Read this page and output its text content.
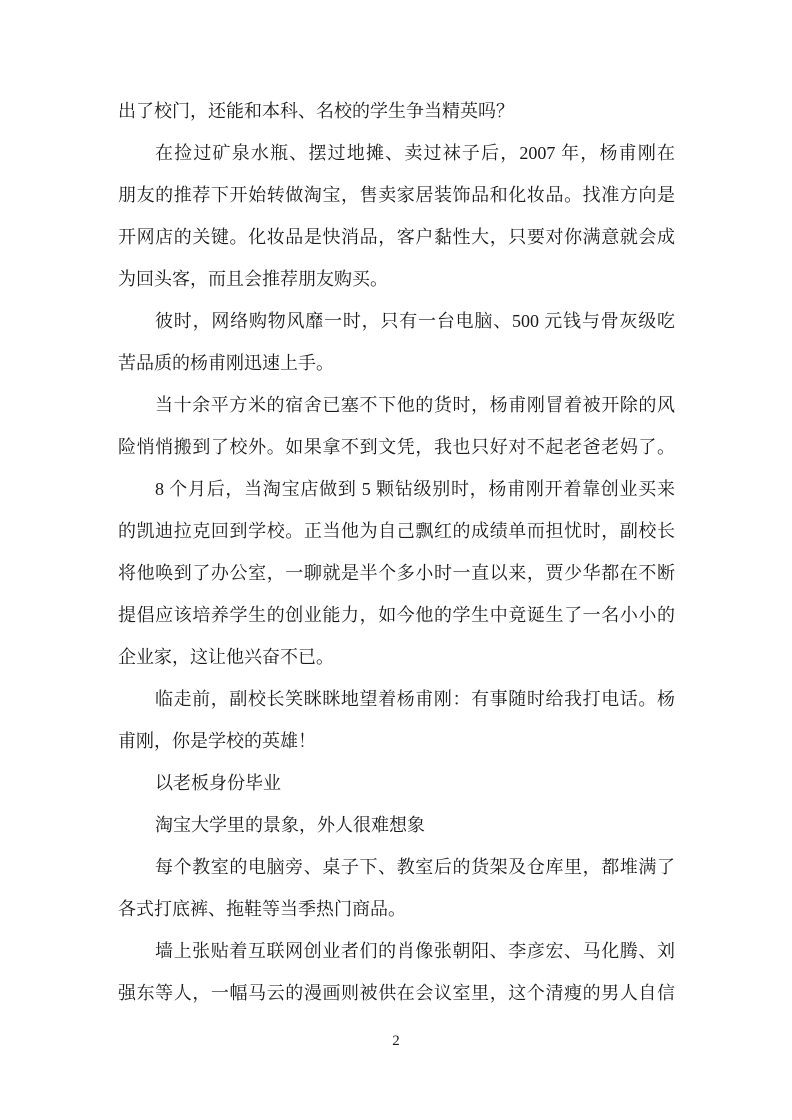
出了校门，还能和本科、名校的学生争当精英吗？
在捡过矿泉水瓶、摆过地摊、卖过袜子后，2007 年，杨甫刚在
朋友的推荐下开始转做淘宝，售卖家居装饰品和化妆品。找准方向是
开网店的关键。化妆品是快消品，客户黏性大，只要对你满意就会成
为回头客，而且会推荐朋友购买。
彼时，网络购物风靡一时，只有一台电脑、500 元钱与骨灰级吃
苦品质的杨甫刚迅速上手。
当十余平方米的宿舍已塞不下他的货时，杨甫刚冒着被开除的风
险悄悄搬到了校外。如果拿不到文凭，我也只好对不起老爸老妈了。
8 个月后，当淘宝店做到 5 颗钻级别时，杨甫刚开着靠创业买来
的凯迪拉克回到学校。正当他为自己飘红的成绩单而担忧时，副校长
将他唤到了办公室，一聊就是半个多小时一直以来，贾少华都在不断
提倡应该培养学生的创业能力，如今他的学生中竟诞生了一名小小的
企业家，这让他兴奋不已。
临走前，副校长笑眯眯地望着杨甫刚：有事随时给我打电话。杨
甫刚，你是学校的英雄！
以老板身份毕业
淘宝大学里的景象，外人很难想象
每个教室的电脑旁、桌子下、教室后的货架及仓库里，都堆满了
各式打底裤、拖鞋等当季热门商品。
墙上张贴着互联网创业者们的肖像张朝阳、李彦宏、马化腾、刘
强东等人，一幅马云的漫画则被供在会议室里，这个清瘦的男人自信
2
